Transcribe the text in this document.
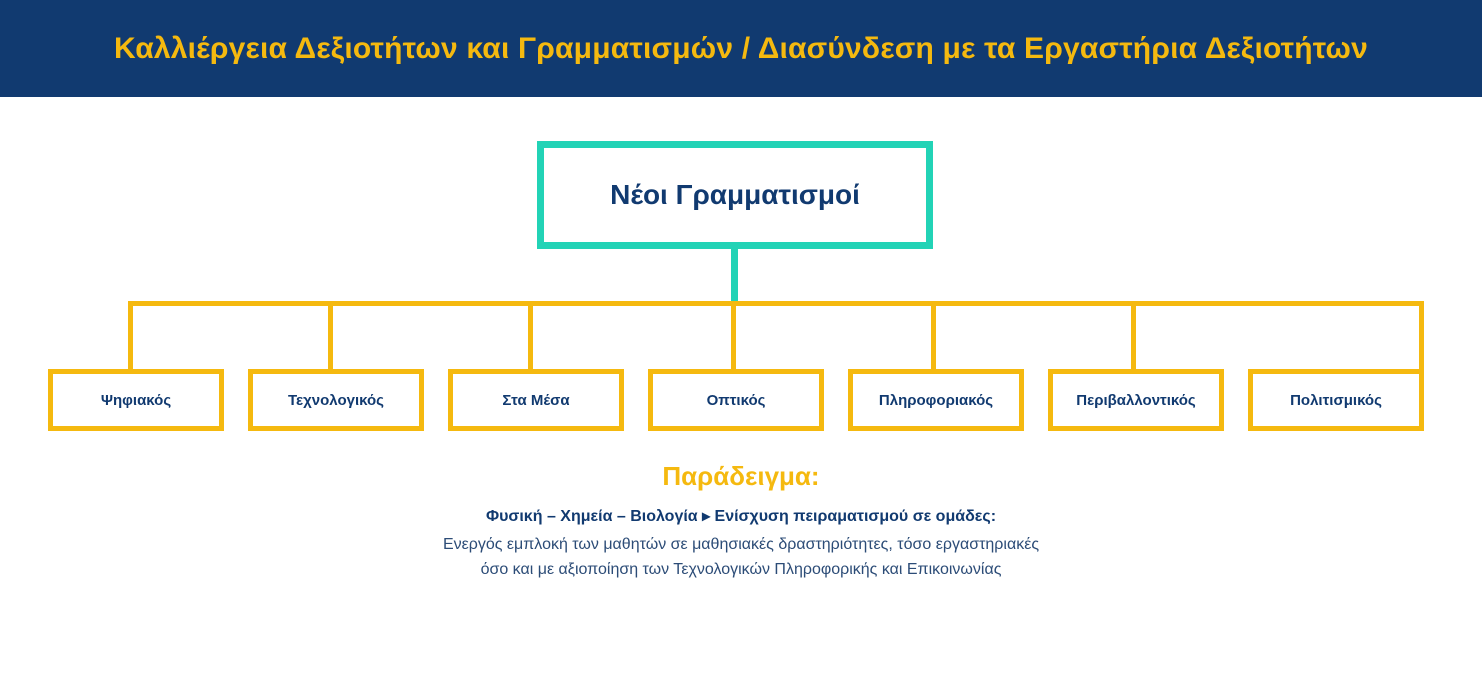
Καλλιέργεια Δεξιοτήτων και Γραμματισμών / Διασύνδεση με τα Εργαστήρια Δεξιοτήτων
Νέοι Γραμματισμοί
Ψηφιακός	Τεχνολογικός	Στα Μέσα	Οπτικός	Πληροφοριακός	Περιβαλλοντικός	Πολιτισμικός
Παράδειγμα:
Φυσική – Χημεία – Βιολογία ▸ Ενίσχυση πειραματισμού σε ομάδες:
Ενεργός εμπλοκή των μαθητών σε μαθησιακές δραστηριότητες, τόσο εργαστηριακές όσο και με αξιοποίηση των Τεχνολογικών Πληροφορικής και Επικοινωνίας
